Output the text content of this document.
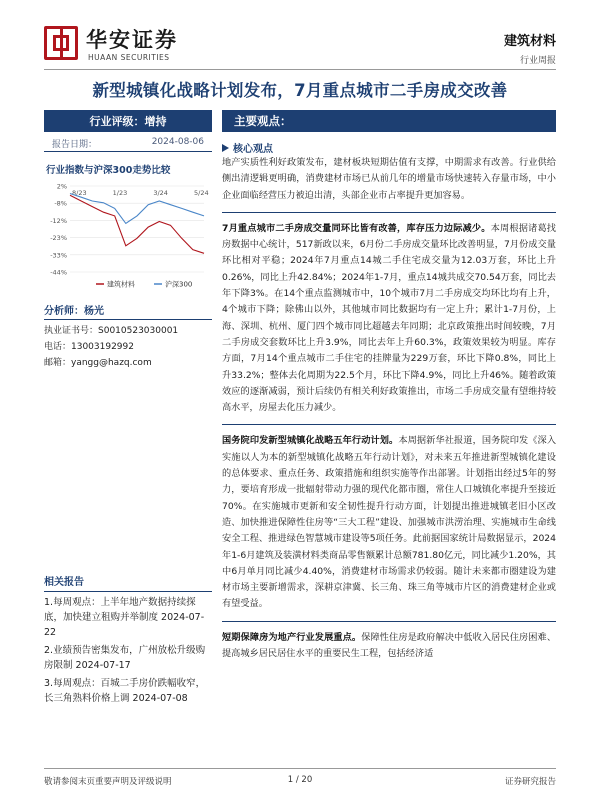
华安证券
HUAAN SECURITIES
建筑材料
行业周报
新型城镇化战略计划发布，7月重点城市二手房成交改善
行业评级：增持
报告日期：	2024-08-06
行业指数与沪深300走势比较
2%
-8%
-12%
-23%
-33%
-44%
8/23	1/23	3/24	5/24
建筑材料	沪深300
分析师：杨光
执业证书号：S0010523030001
电话：13003192992
邮箱：yangg@hazq.com
相关报告
1.每周观点：上半年地产数据持续探底，加快建立租购并举制度 2024-07-22
2.业绩预告密集发布，广州放松升级购房限制 2024-07-17
3.每周观点：百城二手房价跌幅收窄，长三角熟料价格上调 2024-07-08
主要观点：
核心观点
地产实质性利好政策发布，建材板块短期估值有支撑，中期需求有改善。行业供给侧出清逻辑更明确，消费建材市场已从前几年的增量市场快速转入存量市场，中小企业面临经营压力被迫出清，头部企业市占率提升更加容易。
7月重点城市二手房成交量同环比皆有改善，库存压力边际减少。本周根据诸葛找房数据中心统计，517新政以来，6月份二手房成交量环比改善明显，7月份成交量环比相对平稳；2024年7月重点14城二手住宅成交量为12.03万套，环比上升0.26%，同比上升42.84%；2024年1-7月，重点14城共成交70.54万套，同比去年下降3%。在14个重点监测城市中，10个城市7月二手房成交均环比均有上升，4个城市下降；除佛山以外，其他城市同比数据均有一定上升；累计1-7月份，上海、深圳、杭州、厦门四个城市同比超越去年同期；北京政策推出时间较晚，7月二手房成交套数环比上升3.9%，同比去年上升60.3%，政策效果较为明显。库存方面，7月14个重点城市二手住宅的挂牌量为229万套，环比下降0.8%，同比上升33.2%；整体去化周期为22.5个月，环比下降4.9%，同比上升46%。随着政策效应的逐渐减弱，预计后续仍有相关利好政策推出，市场二手房成交量有望维持较高水平，房屋去化压力减少。
国务院印发新型城镇化战略五年行动计划。本周据新华社报道，国务院印发《深入实施以人为本的新型城镇化战略五年行动计划》，对未来五年推进新型城镇化建设的总体要求、重点任务、政策措施和组织实施等作出部署。计划指出经过5年的努力，要培育形成一批辐射带动力强的现代化都市圈，常住人口城镇化率提升至接近70%。在实施城市更新和安全韧性提升行动方面，计划提出推进城镇老旧小区改造、加快推进保障性住房等“三大工程”建设、加强城市洪涝治理、实施城市生命线安全工程、推进绿色智慧城市建设等5项任务。此前据国家统计局数据显示，2024年1-6月建筑及装潢材料类商品零售额累计总额781.80亿元，同比减少1.20%，其中6月单月同比减少4.40%，消费建材市场需求仍较弱。随计未来都市圈建设为建材市场主要新增需求，深耕京津冀、长三角、珠三角等城市片区的消费建材企业或有望受益。
短期保障房为地产行业发展重点。保障性住房是政府解决中低收入居民住房困难、提高城乡居民居住水平的重要民生工程，包括经济适
敬请参阅末页重要声明及评级说明	1 / 20	证券研究报告
